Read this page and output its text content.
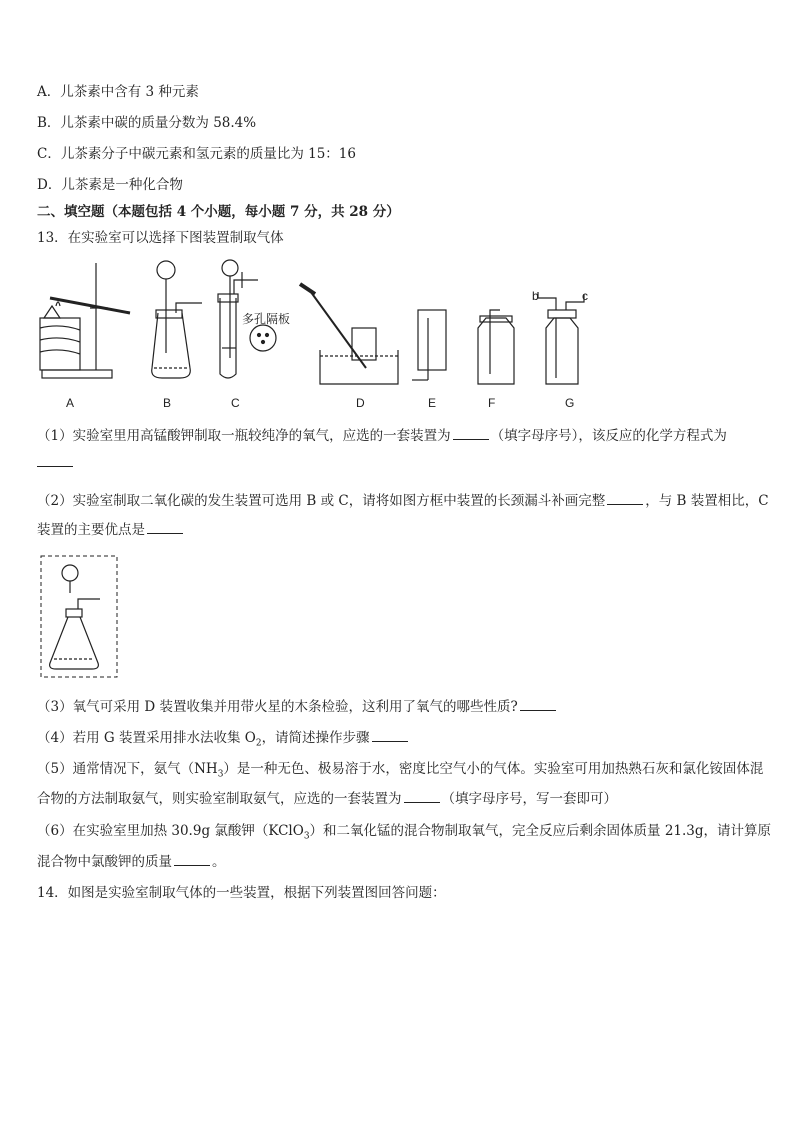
A．儿茶素中含有 3 种元素
B．儿茶素中碳的质量分数为 58.4%
C．儿茶素分子中碳元素和氢元素的质量比为 15：16
D．儿茶素是一种化合物
二、填空题（本题包括 4 个小题，每小题 7 分，共 28 分）
13．在实验室可以选择下图装置制取气体
多孔隔板
b	c
A	B	C	D	E	F	G
（1）实验室里用高锰酸钾制取一瓶较纯净的氧气，应选的一套装置为	（填字母序号），该反应的化学方程式为
（2）实验室制取二氧化碳的发生装置可选用 B 或 C，请将如图方框中装置的长颈漏斗补画完整	，与 B 装置相比，C
装置的主要优点是
（3）氧气可采用 D 装置收集并用带火星的木条检验，这利用了氧气的哪些性质?
（4）若用 G 装置采用排水法收集 $O_2$，请简述操作步骤
（5）通常情况下，氨气$(NH_3)$是一种无色、极易溶于水，密度比空气小的气体。实验室可用加热熟石灰和氯化铵固体混
合物的方法制取氨气，则实验室制取氨气，应选的一套装置为	（填字母序号，写一套即可）
（6）在实验室里加热 30.9g 氯酸钾（KClO$_3$）和二氧化锰的混合物制取氧气，完全反应后剩余固体质量 21.3g，请计算原
混合物中氯酸钾的质量	。
14．如图是实验室制取气体的一些装置，根据下列装置图回答问题：
